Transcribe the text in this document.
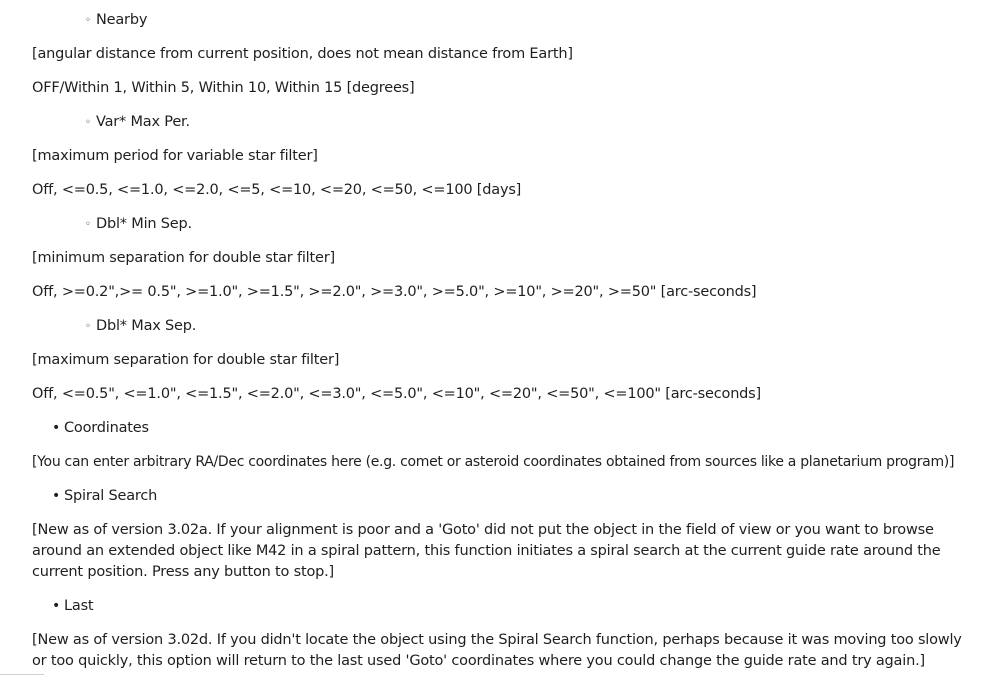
◦ Nearby

[angular distance from current position, does not mean distance from Earth]

OFF/Within 1, Within 5, Within 10, Within 15 [degrees]

◦ Var* Max Per.

[maximum period for variable star filter]

Off, <=0.5, <=1.0, <=2.0, <=5, <=10, <=20, <=50, <=100 [days]

◦ Dbl* Min Sep.

[minimum separation for double star filter]

Off, >=0.2",>= 0.5", >=1.0", >=1.5", >=2.0", >=3.0", >=5.0", >=10", >=20", >=50" [arc-seconds]

◦ Dbl* Max Sep.

[maximum separation for double star filter]

Off, <=0.5", <=1.0", <=1.5", <=2.0", <=3.0", <=5.0", <=10", <=20", <=50", <=100" [arc-seconds]

• Coordinates

[You can enter arbitrary RA/Dec coordinates here (e.g. comet or asteroid coordinates obtained from sources like a planetarium program)]

• Spiral Search

[New as of version 3.02a. If your alignment is poor and a 'Goto' did not put the object in the field of view or you want to browse around an extended object like M42 in a spiral pattern, this function initiates a spiral search at the current guide rate around the current position. Press any button to stop.]

• Last

[New as of version 3.02d. If you didn't locate the object using the Spiral Search function, perhaps because it was moving too slowly or too quickly, this option will return to the last used 'Goto' coordinates where you could change the guide rate and try again.]
